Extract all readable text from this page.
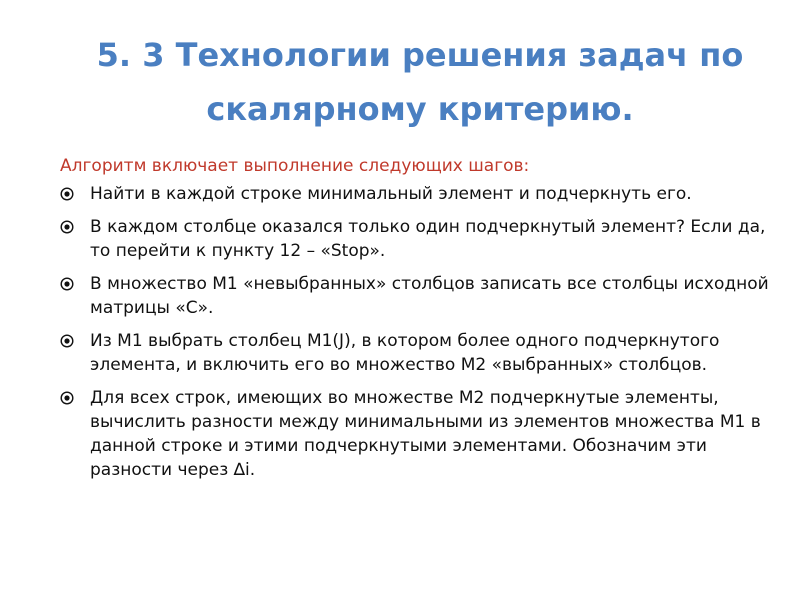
5. 3 Технологии решения задач по скалярному критерию.

Алгоритм включает выполнение следующих шагов:

Найти в каждой строке минимальный элемент и подчеркнуть его.
В каждом столбце оказался только один подчеркнутый элемент? Если да, то перейти к пункту 12 – «Stop».
В множество М1 «невыбранных» столбцов записать все столбцы исходной матрицы «С».
Из М1 выбрать столбец М1(J), в котором более одного подчеркнутого элемента, и включить его во множество М2 «выбранных» столбцов.
Для всех строк, имеющих во множестве М2 подчеркнутые элементы, вычислить разности между минимальными из элементов множества М1 в данной строке и этими подчеркнутыми элементами. Обозначим эти разности через ∆i.
